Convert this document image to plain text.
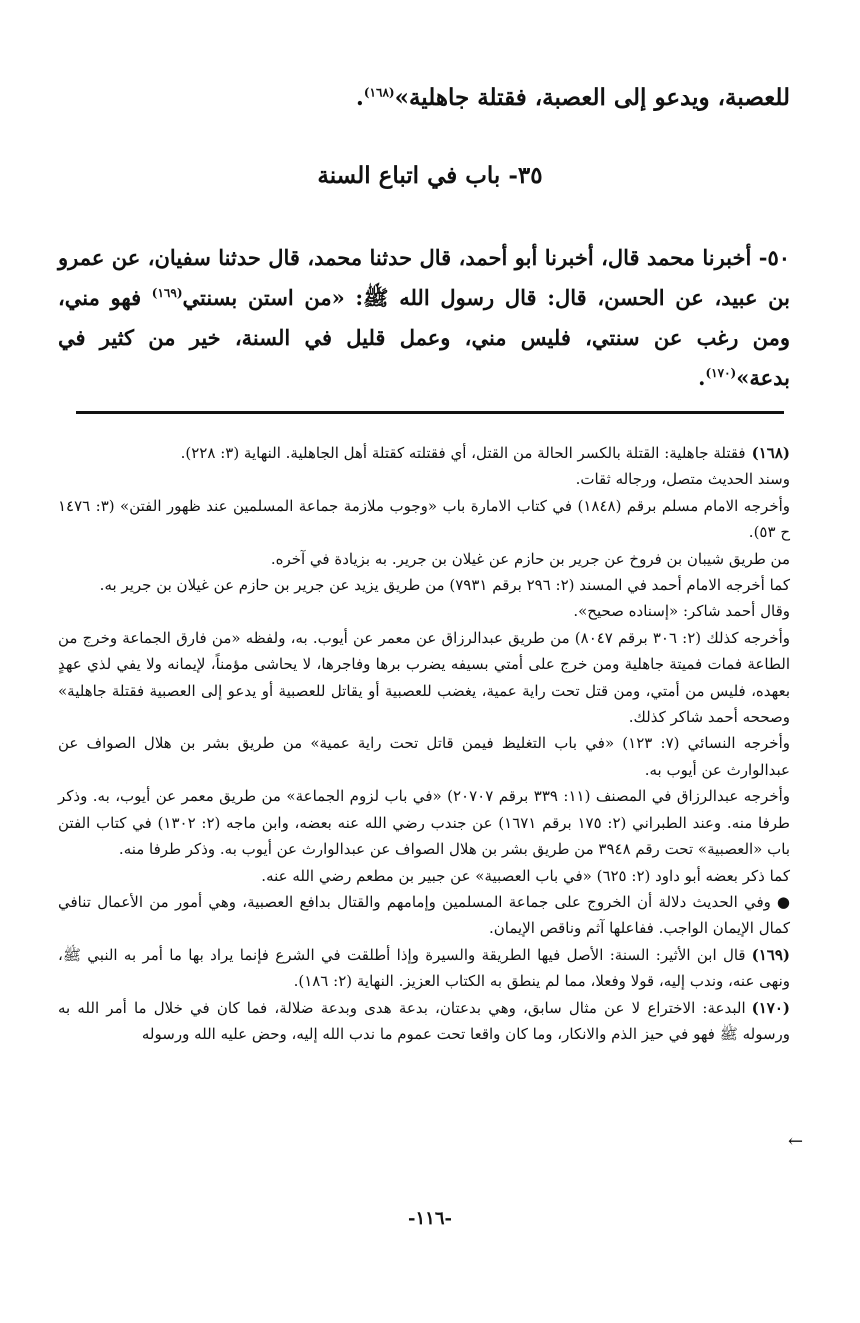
للعصبة، ويدعو إلى العصبة، فقتلة جاهلية»$^{(١٦٨)}$.
٣٥- باب في اتباع السنة
٥٠- أخبرنا محمد قال، أخبرنا أبو أحمد، قال حدثنا محمد، قال حدثنا سفيان، عن عمرو بن عبيد، عن الحسن، قال: قال رسول الله ﷺ: «من استن بسنتي$^{(١٦٩)}$ فهو مني، ومن رغب عن سنتي، فليس مني، وعمل قليل في السنة، خير من كثير في بدعة»$^{(١٧٠)}$.

(١٦٨)فقتلة جاهلية: القتلة بالكسر الحالة من القتل، أي فقتلته كقتلة أهل الجاهلية. النهاية (٣: ٢٢٨).

وسند الحديث متصل، ورجاله ثقات.

وأخرجه الامام مسلم برقم (١٨٤٨) في كتاب الامارة باب «وجوب ملازمة جماعة المسلمين عند ظهور الفتن» (٣: ١٤٧٦ ح ٥٣).

من طريق شيبان بن فروخ عن جرير بن حازم عن غيلان بن جرير. به بزيادة في آخره.

كما أخرجه الامام أحمد في المسند (٢: ٢٩٦ برقم ٧٩٣١) من طريق يزيد عن جرير بن حازم عن غيلان بن جرير به.

وقال أحمد شاكر: «إسناده صحيح».

وأخرجه كذلك (٢: ٣٠٦ برقم ٨٠٤٧) من طريق عبدالرزاق عن معمر عن أيوب. به، ولفظه «من فارق الجماعة وخرج من الطاعة فمات فميتة جاهلية ومن خرج على أمتي بسيفه يضرب برها وفاجرها، لا يحاشى مؤمناً، لإيمانه ولا يفي لذي عهدٍ بعهده، فليس من أمتي، ومن قتل تحت راية عمية، يغضب للعصبية أو يقاتل للعصبية أو يدعو إلى العصبية فقتلة جاهلية» وصححه أحمد شاكر كذلك.

وأخرجه النسائي (٧: ١٢٣) «في باب التغليظ فيمن قاتل تحت راية عمية» من طريق بشر بن هلال الصواف عن عبدالوارث عن أيوب به.

وأخرجه عبدالرزاق في المصنف (١١: ٣٣٩ برقم ٢٠٧٠٧) «في باب لزوم الجماعة» من طريق معمر عن أيوب، به. وذكر طرفا منه. وعند الطبراني (٢: ١٧٥ برقم ١٦٧١) عن جندب رضي الله عنه بعضه، وابن ماجه (٢: ١٣٠٢) في كتاب الفتن باب «العصبية» تحت رقم ٣٩٤٨ من طريق بشر بن هلال الصواف عن عبدالوارث عن أيوب به. وذكر طرفا منه.

كما ذكر بعضه أبو داود (٢: ٦٢٥) «في باب العصبية» عن جبير بن مطعم رضي الله عنه.

●وفي الحديث دلالة أن الخروج على جماعة المسلمين وإمامهم والقتال بدافع العصبية، وهي أمور من الأعمال تنافي كمال الإيمان الواجب. ففاعلها آثم وناقص الإيمان.

(١٦٩)قال ابن الأثير: السنة: الأصل فيها الطريقة والسيرة وإذا أطلقت في الشرع فإنما يراد بها ما أمر به النبي ﷺ، ونهى عنه، وندب إليه، قولا وفعلا، مما لم ينطق به الكتاب العزيز. النهاية (٢: ١٨٦).

(١٧٠)البدعة: الاختراع لا عن مثال سابق، وهي بدعتان، بدعة هدى وبدعة ضلالة، فما كان في خلال ما أمر الله به ورسوله ﷺ فهو في حيز الذم والانكار، وما كان واقعا تحت عموم ما ندب الله إليه، وحض عليه الله ورسوله

←
-١١٦-
